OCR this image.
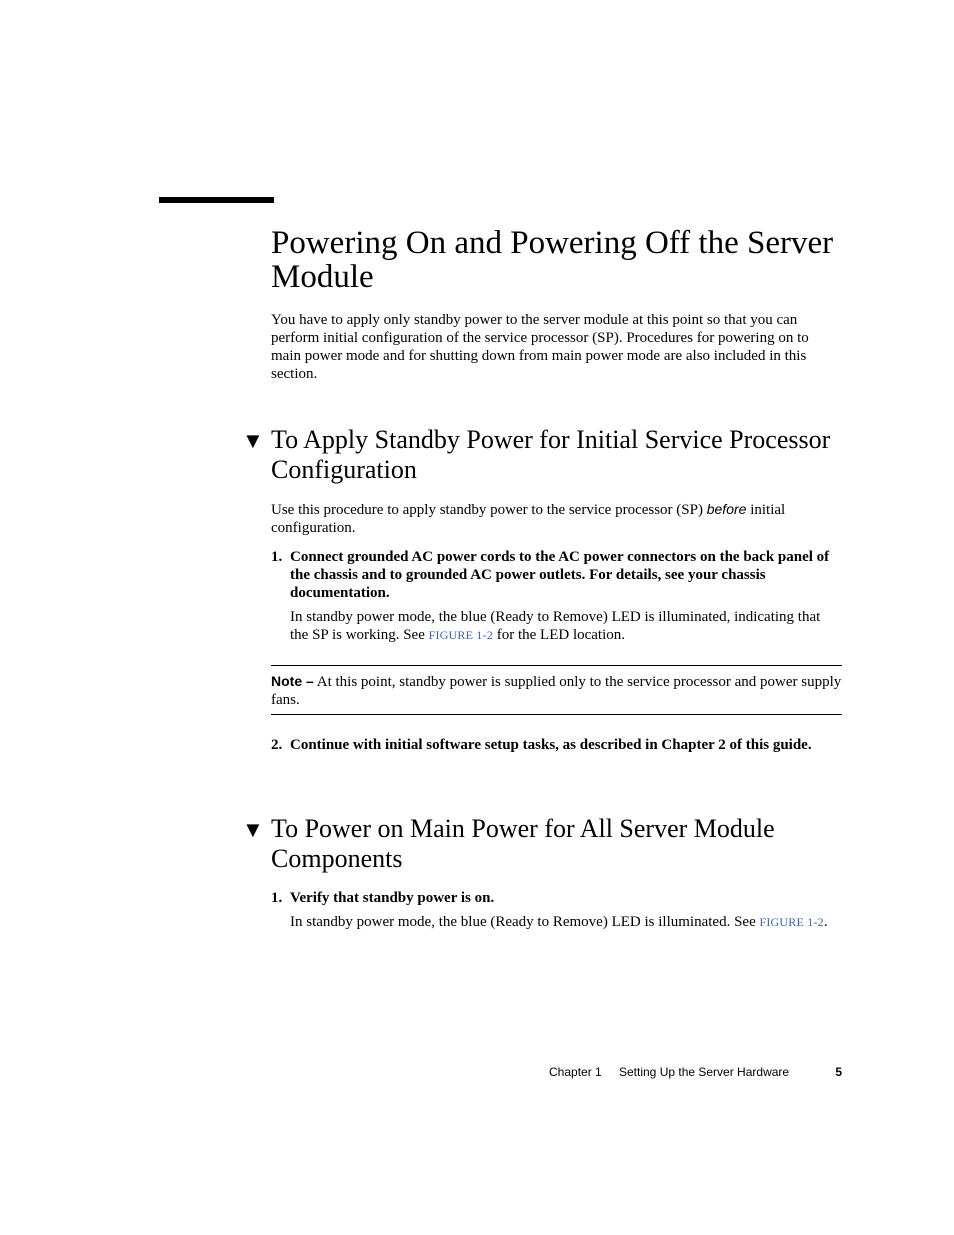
Powering On and Powering Off the Server Module

You have to apply only standby power to the server module at this point so that you can perform initial configuration of the service processor (SP). Procedures for powering on to main power mode and for shutting down from main power mode are also included in this section.

▼ To Apply Standby Power for Initial Service Processor Configuration

Use this procedure to apply standby power to the service processor (SP) before initial configuration.

1. Connect grounded AC power cords to the AC power connectors on the back panel of the chassis and to grounded AC power outlets. For details, see your chassis documentation.

In standby power mode, the blue (Ready to Remove) LED is illuminated, indicating that the SP is working. See FIGURE 1-2 for the LED location.

Note – At this point, standby power is supplied only to the service processor and power supply fans.

2. Continue with initial software setup tasks, as described in Chapter 2 of this guide.
▼ To Power on Main Power for All Server Module Components
1. Verify that standby power is on.

In standby power mode, the blue (Ready to Remove) LED is illuminated. See FIGURE 1-2.

Chapter 1 Setting Up the Server Hardware	5
